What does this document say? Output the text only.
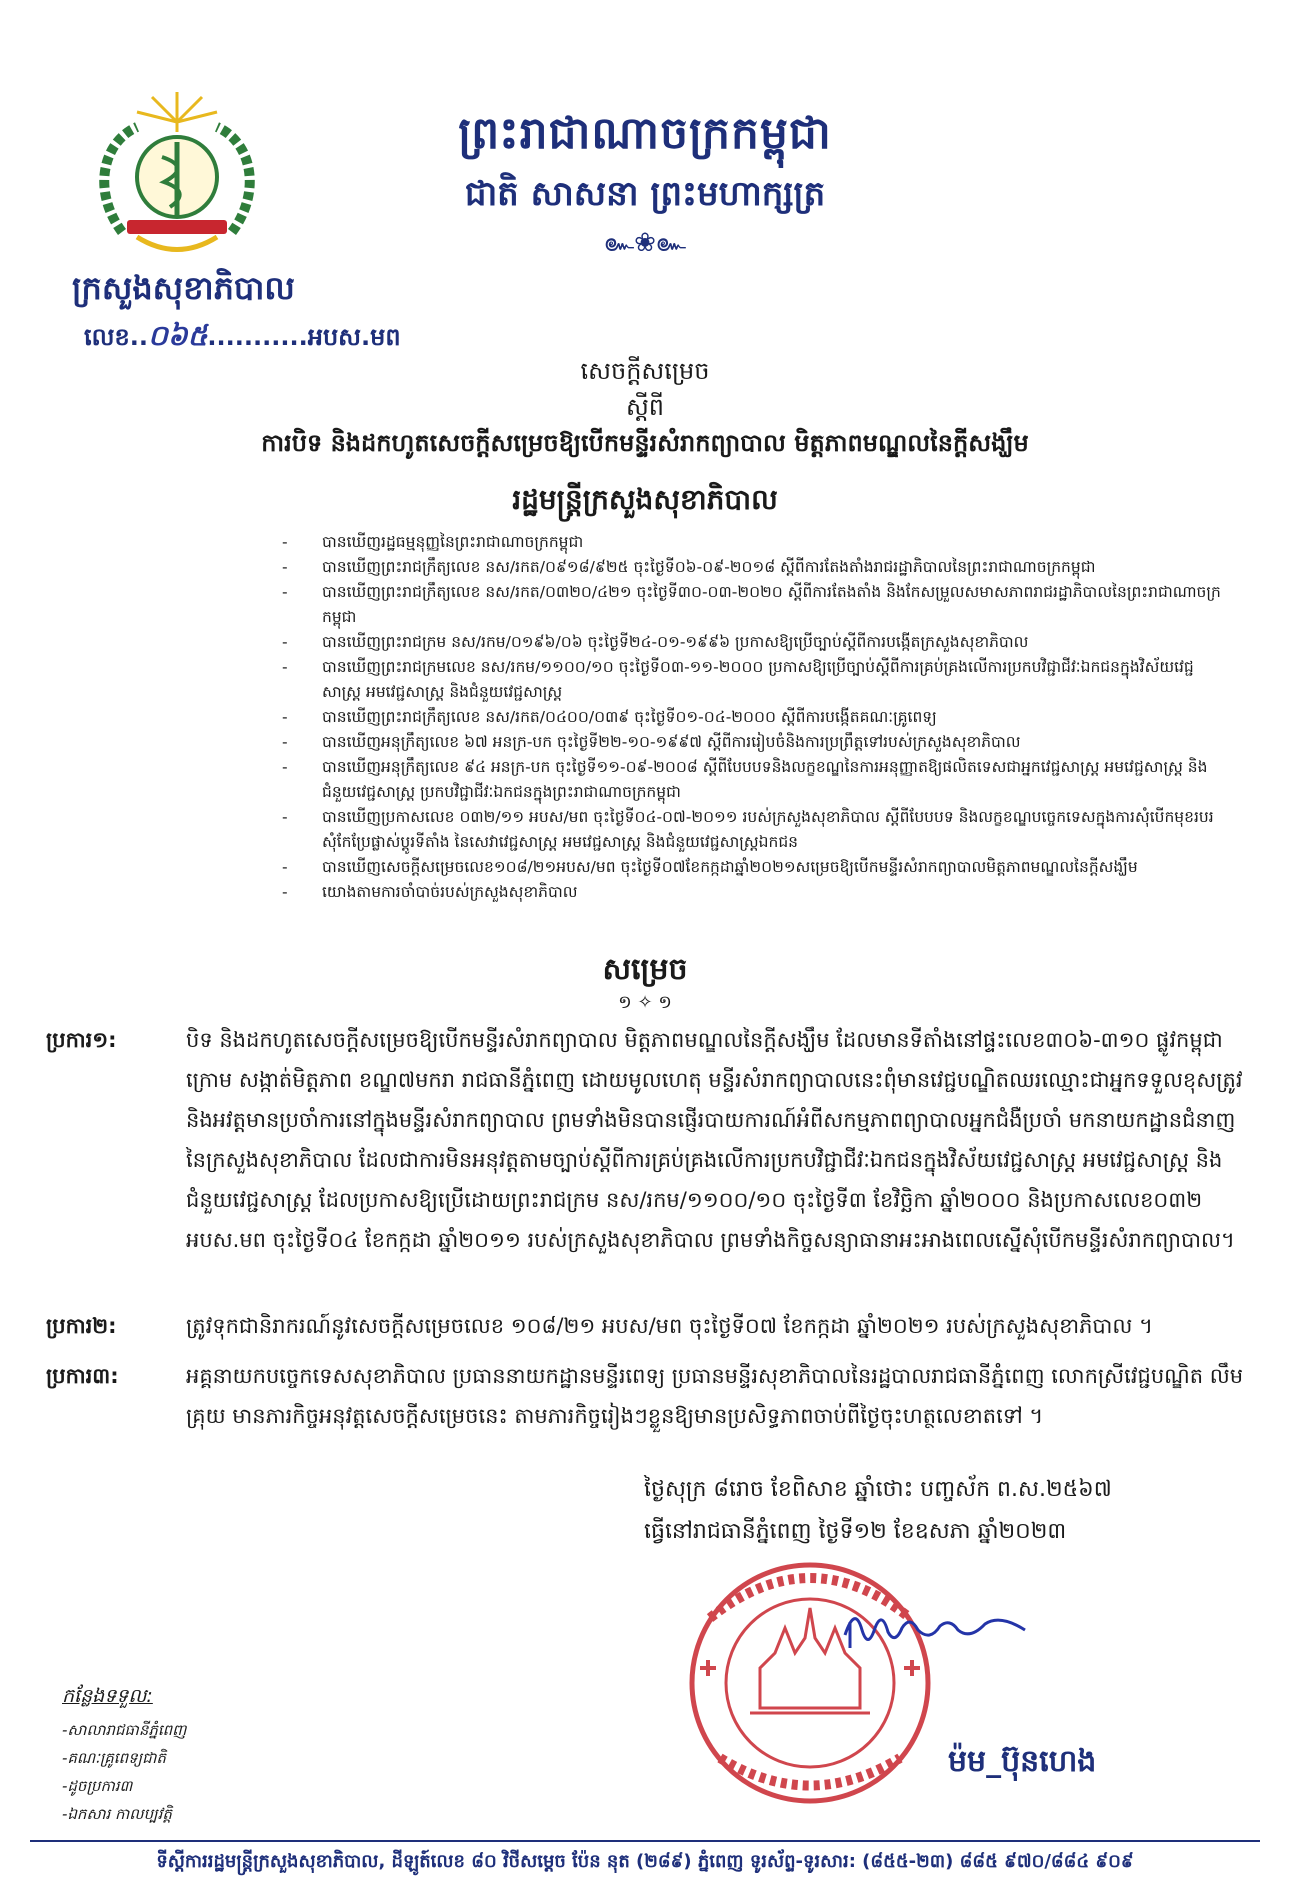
ព្រះរាជាណាចក្រកម្ពុជា
ជាតិ សាសនា ព្រះមហាក្សត្រ
๛❀๛
ក្រសួងសុខាភិបាល
លេខ..០៦៥...........អបស.មព
សេចក្តីសម្រេច
ស្តីពី
ការបិទ និងដកហូតសេចក្តីសម្រេចឱ្យបើកមន្ទីរសំរាកព្យាបាល មិត្តភាពមណ្ឌលនៃក្តីសង្ឃឹម
រដ្ឋមន្ត្រីក្រសួងសុខាភិបាល
- បានឃើញរដ្ឋធម្មនុញ្ញនៃព្រះរាជាណាចក្រកម្ពុជា
- បានឃើញព្រះរាជក្រឹត្យលេខ នស/រកត/០៩១៨/៩២៥ ចុះថ្ងៃទី០៦-០៩-២០១៨ ស្តីពីការតែងតាំងរាជរដ្ឋាភិបាលនៃព្រះរាជាណាចក្រកម្ពុជា
- បានឃើញព្រះរាជក្រឹត្យលេខ នស/រកត/០៣២០/៤២១ ចុះថ្ងៃទី៣០-០៣-២០២០ ស្តីពីការតែងតាំង និងកែសម្រួលសមាសភាពរាជរដ្ឋាភិបាលនៃព្រះរាជាណាចក្រកម្ពុជា
- បានឃើញព្រះរាជក្រម នស/រកម/០១៩៦/០៦ ចុះថ្ងៃទី២៤-០១-១៩៩៦ ប្រកាសឱ្យប្រើច្បាប់ស្តីពីការបង្កើតក្រសួងសុខាភិបាល
- បានឃើញព្រះរាជក្រមលេខ នស/រកម/១១០០/១០ ចុះថ្ងៃទី០៣-១១-២០០០ ប្រកាសឱ្យប្រើច្បាប់ស្តីពីការគ្រប់គ្រងលើការប្រកបវិជ្ជាជីវៈឯកជនក្នុងវិស័យវេជ្ជសាស្ត្រ អមវេជ្ជសាស្ត្រ និងជំនួយវេជ្ជសាស្ត្រ
- បានឃើញព្រះរាជក្រឹត្យលេខ នស/រកត/០៤០០/០៣៩ ចុះថ្ងៃទី០១-០៤-២០០០ ស្តីពីការបង្កើតគណៈគ្រូពេទ្យ
- បានឃើញអនុក្រឹត្យលេខ ៦៧ អនក្រ-បក ចុះថ្ងៃទី២២-១០-១៩៩៧ ស្តីពីការរៀបចំនិងការប្រព្រឹត្តទៅរបស់ក្រសួងសុខាភិបាល
- បានឃើញអនុក្រឹត្យលេខ ៩៤ អនក្រ-បក ចុះថ្ងៃទី១១-០៩-២០០៨ ស្តីពីបែបបទនិងលក្ខខណ្ឌនៃការអនុញ្ញាតឱ្យផលិតទេសជាអ្នកវេជ្ជសាស្ត្រ អមវេជ្ជសាស្ត្រ និងជំនួយវេជ្ជសាស្ត្រ ប្រកបវិជ្ជាជីវៈឯកជនក្នុងព្រះរាជាណាចក្រកម្ពុជា
- បានឃើញប្រកាសលេខ ០៣២/១១ អបស/មព ចុះថ្ងៃទី០៤-០៧-២០១១ របស់ក្រសួងសុខាភិបាល ស្តីពីបែបបទ និងលក្ខខណ្ឌបច្ចេកទេសក្នុងការសុំបើកមុខរបរ សុំកែប្រែផ្លាស់ប្តូរទីតាំង នៃសេវាវេជ្ជសាស្ត្រ អមវេជ្ជសាស្ត្រ និងជំនួយវេជ្ជសាស្ត្រឯកជន
- បានឃើញសេចក្តីសម្រេចលេខ១០៨/២១អបស/មព ចុះថ្ងៃទី០៧ខែកក្កដាឆ្នាំ២០២១សម្រេចឱ្យបើកមន្ទីរសំរាកព្យាបាលមិត្តភាពមណ្ឌលនៃក្តីសង្ឃឹម
- យោងតាមការចាំបាច់របស់ក្រសួងសុខាភិបាល
សម្រេច
១ ✧ ១
ប្រការ១:	បិទ និងដកហូតសេចក្តីសម្រេចឱ្យបើកមន្ទីរសំរាកព្យាបាល មិត្តភាពមណ្ឌលនៃក្តីសង្ឃឹម ដែលមានទីតាំងនៅផ្ទះលេខ៣០៦-៣១០ ផ្លូវកម្ពុជាក្រោម សង្កាត់មិត្តភាព ខណ្ឌ៧មករា រាជធានីភ្នំពេញ ដោយមូលហេតុ មន្ទីរសំរាកព្យាបាលនេះពុំមានវេជ្ជបណ្ឌិតឈរឈ្មោះជាអ្នកទទួលខុសត្រូវនិងអវត្តមានប្រចាំការនៅក្នុងមន្ទីរសំរាកព្យាបាល ព្រមទាំងមិនបានផ្ញើរបាយការណ៍អំពីសកម្មភាពព្យាបាលអ្នកជំងឺប្រចាំ មកនាយកដ្ឋានជំនាញនៃក្រសួងសុខាភិបាល ដែលជាការមិនអនុវត្តតាមច្បាប់ស្តីពីការគ្រប់គ្រងលើការប្រកបវិជ្ជាជីវៈឯកជនក្នុងវិស័យវេជ្ជសាស្ត្រ អមវេជ្ជសាស្ត្រ និងជំនួយវេជ្ជសាស្ត្រ ដែលប្រកាសឱ្យប្រើដោយព្រះរាជក្រម នស/រកម/១១០០/១០ ចុះថ្ងៃទី៣ ខែវិច្ឆិកា ឆ្នាំ២០០០ និងប្រកាសលេខ០៣២ អបស.មព ចុះថ្ងៃទី០៤ ខែកក្កដា ឆ្នាំ២០១១ របស់ក្រសួងសុខាភិបាល ព្រមទាំងកិច្ចសន្យាធានាអះអាងពេលស្នើសុំបើកមន្ទីរសំរាកព្យាបាល។
ប្រការ២:	ត្រូវទុកជានិរាករណ៍នូវសេចក្តីសម្រេចលេខ ១០៨/២១ អបស/មព ចុះថ្ងៃទី០៧ ខែកក្កដា ឆ្នាំ២០២១ របស់ក្រសួងសុខាភិបាល ។
ប្រការ៣:	អគ្គនាយកបច្ចេកទេសសុខាភិបាល ប្រធាននាយកដ្ឋានមន្ទីរពេទ្យ ប្រធានមន្ទីរសុខាភិបាលនៃរដ្ឋបាលរាជធានីភ្នំពេញ លោកស្រីវេជ្ជបណ្ឌិត លឹម គ្រុយ មានភារកិច្ចអនុវត្តសេចក្តីសម្រេចនេះ តាមភារកិច្ចរៀងៗខ្លួនឱ្យមានប្រសិទ្ធភាពចាប់ពីថ្ងៃចុះហត្ថលេខាតទៅ ។
ថ្ងៃសុក្រ ៨រោច ខែពិសាខ ឆ្នាំថោះ បញ្ចស័ក ព.ស.២៥៦៧
ធ្វើនៅរាជធានីភ្នំពេញ ថ្ងៃទី១២ ខែឧសភា ឆ្នាំ២០២៣
ម៉ម_ប៊ុនហេង
កន្លែងទទួល:
-សាលារាជធានីភ្នំពេញ
-គណៈគ្រូពេទ្យជាតិ
-ដូចប្រការ៣
-ឯកសារ កាលប្បវត្តិ
ទីស្តីការរដ្ឋមន្ត្រីក្រសួងសុខាភិបាល, ដីឡូត៍លេខ ៨០ វិថីសម្តេច ប៉ែន នុត (២៨៩) ភ្នំពេញ ទូរស័ព្ទ-ទូរសារ: (៨៥៥-២៣) ៨៨៥ ៩៧០/៨៨៤ ៩០៩
